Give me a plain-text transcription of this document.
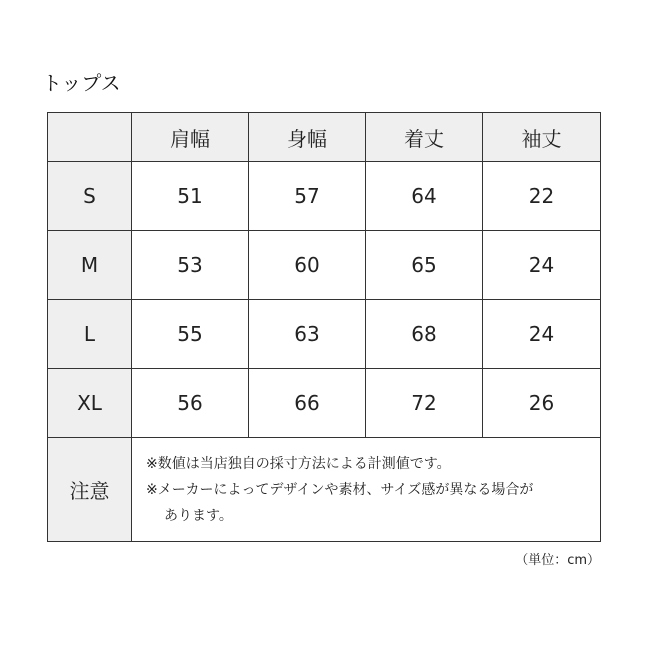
トップス
	肩幅	身幅	着丈	袖丈
S	51	57	64	22
M	53	60	65	24
L	55	63	68	24
XL	56	66	72	26
注意	※数値は当店独自の採寸方法による計測値です。
※メーカーによってデザインや素材、サイズ感が異なる場合が
あります。			
（単位：cm）
